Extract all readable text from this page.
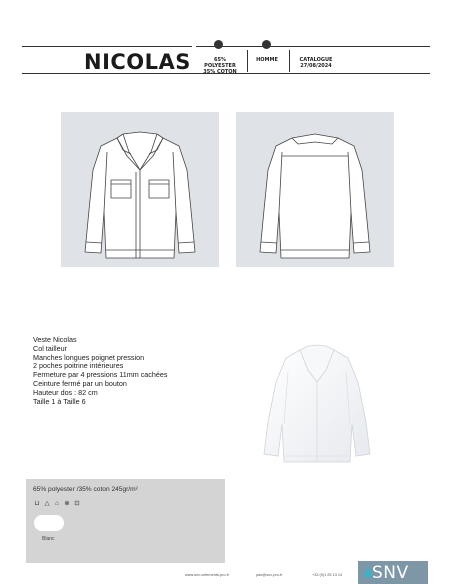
NICOLAS	65% POLYESTER
35% COTON
HOMME	CATALOGUE
27/08/2024
Veste Nicolas
Col tailleur
Manches longues poignet pression
2 poches poitrine intérieures
Fermeture par 4 pressions 11mm cachées
Ceinture fermé par un bouton
Hauteur dos : 82 cm
Taille 1 à Taille 6
65% polyester /35% coton 245gr/m²
⊔ △ ⌂ ⊗ ⊡
Blanc
www.snv-vetements-pro.fr	pao@snv-pro.fr	+33 (0)1 25 13 14 SNV
